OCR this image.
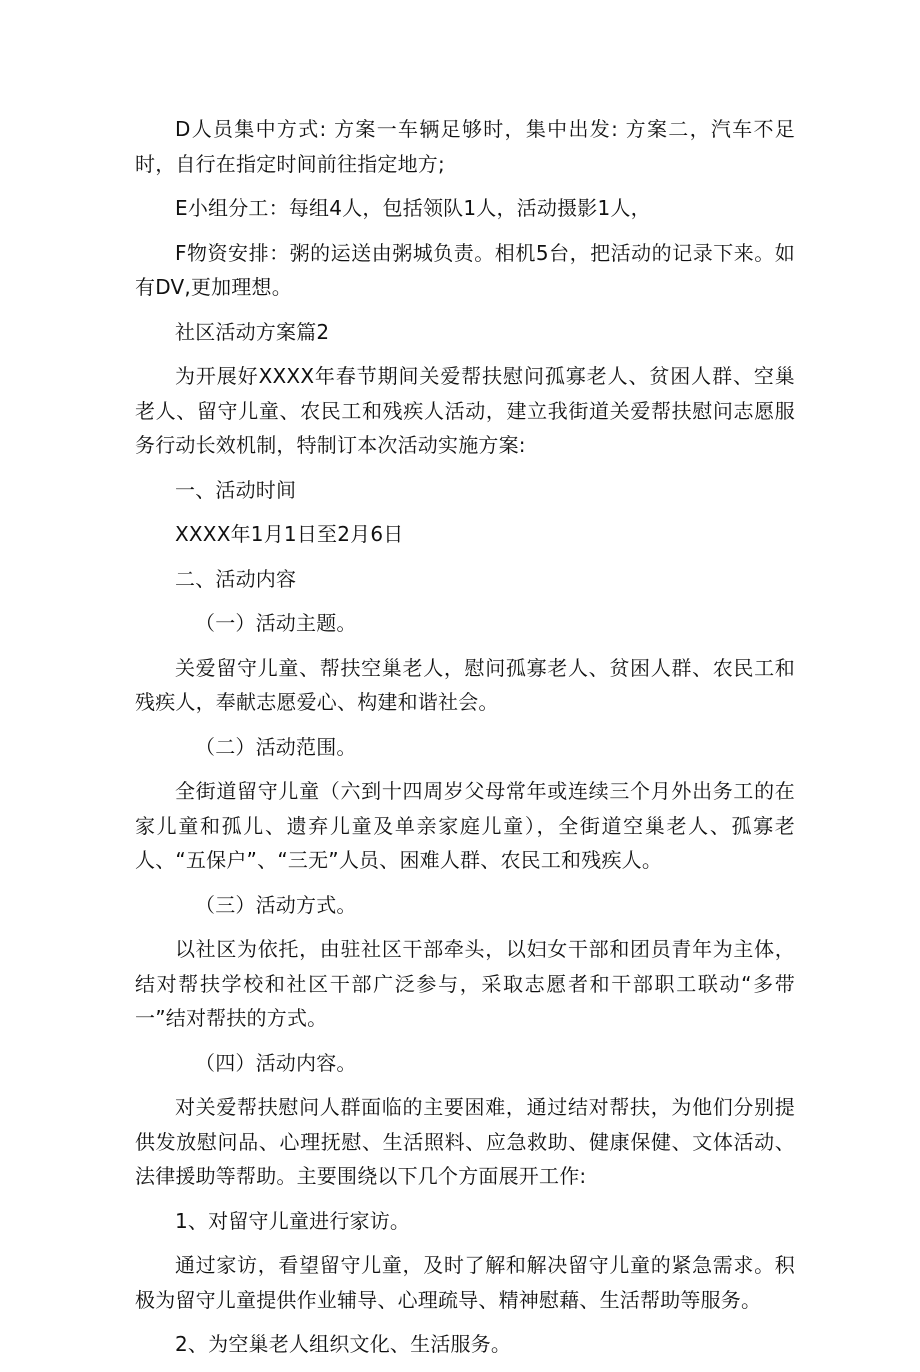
D人员集中方式: 方案一车辆足够时，集中出发: 方案二，汽车不足时，自行在指定时间前往指定地方;

E小组分工：每组4人，包括领队1人，活动摄影1人，

F物资安排：粥的运送由粥城负责。相机5台，把活动的记录下来。如有DV,更加理想。

社区活动方案篇2

为开展好XXXX年春节期间关爱帮扶慰问孤寡老人、贫困人群、空巢老人、留守儿童、农民工和残疾人活动，建立我街道关爱帮扶慰问志愿服务行动长效机制，特制订本次活动实施方案:

一、活动时间

XXXX年1月1日至2月6日

二、活动内容

（一）活动主题。

关爱留守儿童、帮扶空巢老人，慰问孤寡老人、贫困人群、农民工和残疾人，奉献志愿爱心、构建和谐社会。

（二）活动范围。

全街道留守儿童（六到十四周岁父母常年或连续三个月外出务工的在家儿童和孤儿、遗弃儿童及单亲家庭儿童），全街道空巢老人、孤寡老人、“五保户”、“三无”人员、困难人群、农民工和残疾人。

（三）活动方式。

以社区为依托，由驻社区干部牵头，以妇女干部和团员青年为主体，结对帮扶学校和社区干部广泛参与，采取志愿者和干部职工联动“多带一”结对帮扶的方式。

（四）活动内容。

对关爱帮扶慰问人群面临的主要困难，通过结对帮扶，为他们分别提供发放慰问品、心理抚慰、生活照料、应急救助、健康保健、文体活动、法律援助等帮助。主要围绕以下几个方面展开工作:

1、对留守儿童进行家访。

通过家访，看望留守儿童，及时了解和解决留守儿童的紧急需求。积极为留守儿童提供作业辅导、心理疏导、精神慰藉、生活帮助等服务。

2、为空巢老人组织文化、生活服务。
